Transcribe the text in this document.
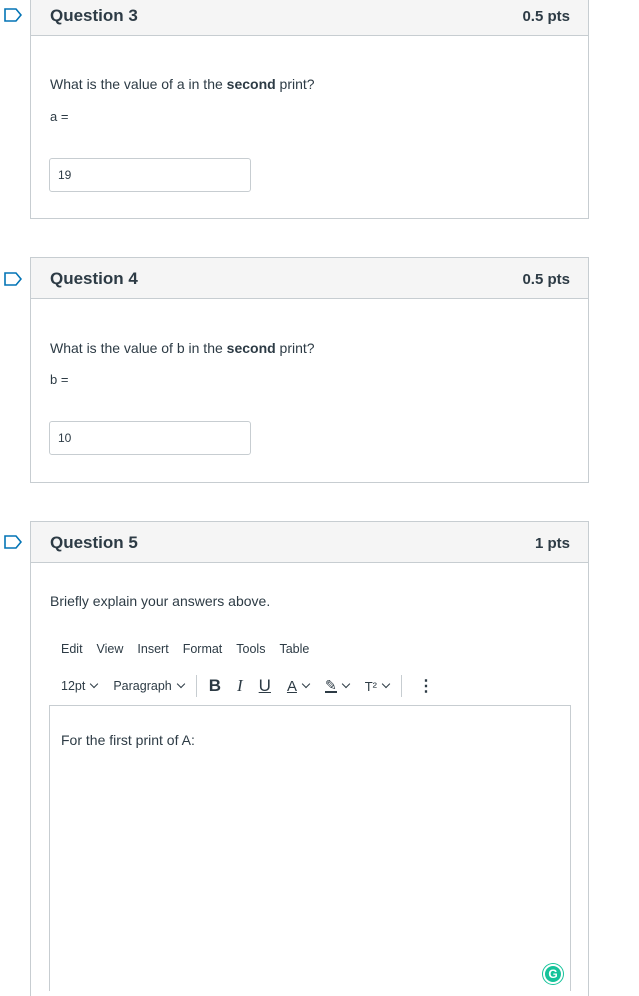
Question 3	0.5 pts
What is the value of a in the second print?
a =
19
Question 4	0.5 pts
What is the value of b in the second print?
b =
10
Question 5	1 pts
Briefly explain your answers above.
Edit View Insert Format Tools Table
12pt Paragraph B I U A ✎ T²	⋮
For the first print of A:
G
